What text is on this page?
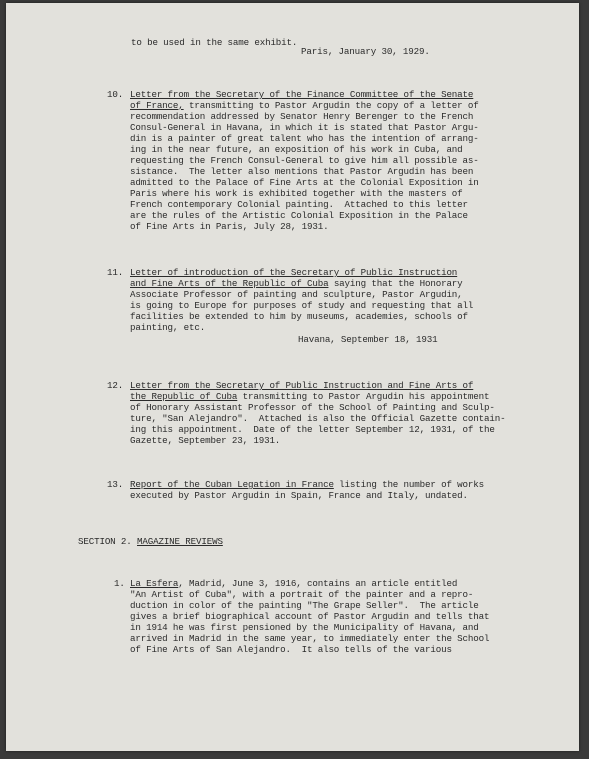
to be used in the same exhibit.
Paris, January 30, 1929.
10. Letter from the Secretary of the Finance Committee of the Senate
of France, transmitting to Pastor Argudin the copy of a letter of
recommendation addressed by Senator Henry Berenger to the French
Consul-General in Havana, in which it is stated that Pastor Argu-
din is a painter of great talent who has the intention of arrang-
ing in the near future, an exposition of his work in Cuba, and
requesting the French Consul-General to give him all possible as-
sistance.  The letter also mentions that Pastor Argudin has been
admitted to the Palace of Fine Arts at the Colonial Exposition in
Paris where his work is exhibited together with the masters of
French contemporary Colonial painting.  Attached to this letter
are the rules of the Artistic Colonial Exposition in the Palace
of Fine Arts in Paris, July 28, 1931.
11. Letter of introduction of the Secretary of Public Instruction
and Fine Arts of the Republic of Cuba saying that the Honorary
Associate Professor of painting and sculpture, Pastor Argudin,
is going to Europe for purposes of study and requesting that all
facilities be extended to him by museums, academies, schools of
painting, etc.
Havana, September 18, 1931
12. Letter from the Secretary of Public Instruction and Fine Arts of
the Republic of Cuba transmitting to Pastor Argudin his appointment
of Honorary Assistant Professor of the School of Painting and Sculp-
ture, "San Alejandro".  Attached is also the Official Gazette contain-
ing this appointment.  Date of the letter September 12, 1931, of the
Gazette, September 23, 1931.
13. Report of the Cuban Legation in France listing the number of works
executed by Pastor Argudin in Spain, France and Italy, undated.
SECTION 2. MAGAZINE REVIEWS
1. La Esfera, Madrid, June 3, 1916, contains an article entitled
"An Artist of Cuba", with a portrait of the painter and a repro-
duction in color of the painting "The Grape Seller".  The article
gives a brief biographical account of Pastor Argudin and tells that
in 1914 he was first pensioned by the Municipality of Havana, and
arrived in Madrid in the same year, to immediately enter the School
of Fine Arts of San Alejandro.  It also tells of the various
